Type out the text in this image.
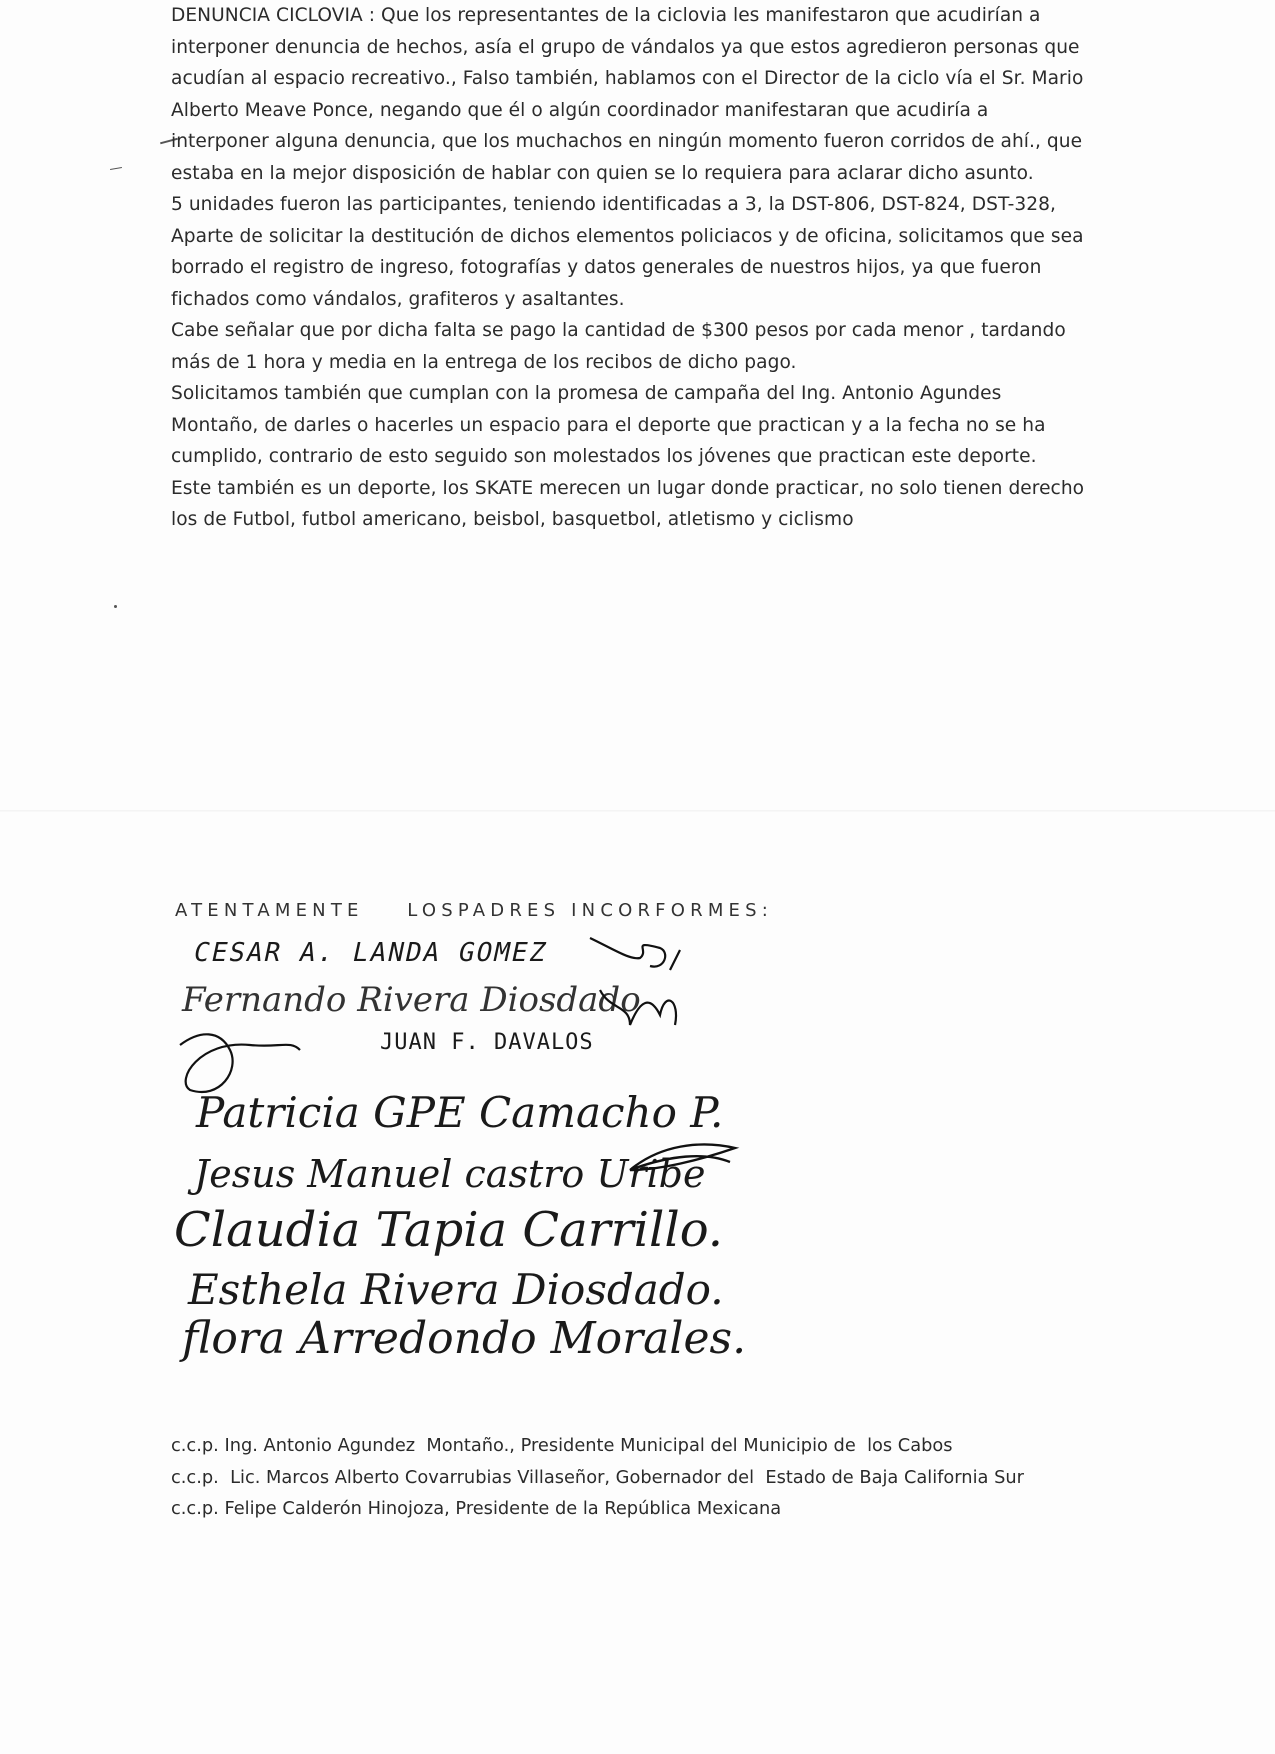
DENUNCIA CICLOVIA : Que los representantes de la ciclovia les manifestaron que acudirían a
interponer denuncia de hechos, asía el grupo de vándalos ya que estos agredieron personas que
acudían al espacio recreativo., Falso también, hablamos con el Director de la ciclo vía el Sr. Mario
Alberto Meave Ponce, negando que él o algún coordinador manifestaran que acudiría a
interponer alguna denuncia, que los muchachos en ningún momento fueron corridos de ahí., que
estaba en la mejor disposición de hablar con quien se lo requiera para aclarar dicho asunto.

5 unidades fueron las participantes, teniendo identificadas a 3, la DST-806, DST-824, DST-328,

Aparte de solicitar la destitución de dichos elementos policiacos y de oficina, solicitamos que sea
borrado el registro de ingreso, fotografías y datos generales de nuestros hijos, ya que fueron
fichados como vándalos, grafiteros y asaltantes.

Cabe señalar que por dicha falta se pago la cantidad de $300 pesos por cada menor , tardando
más de 1 hora y media en la entrega de los recibos de dicho pago.

Solicitamos también que cumplan con la promesa de campaña del Ing. Antonio Agundes
Montaño, de darles o hacerles un espacio para el deporte que practican y a la fecha no se ha
cumplido, contrario de esto seguido son molestados los jóvenes que practican este deporte.

Este también es un deporte, los SKATE merecen un lugar donde practicar, no solo tienen derecho
los de Futbol, futbol americano, beisbol, basquetbol, atletismo y ciclismo

ATENTAMENTE    LOSPADRES INCORFORMES:
CESAR A. LANDA GOMEZ
Fernando Rivera Diosdado
JUAN F. DAVALOS
Patricia GPE Camacho P.
Jesus Manuel castro Uribe
Claudia Tapia Carrillo.
Esthela Rivera Diosdado.
flora Arredondo Morales.
c.c.p. Ing. Antonio Agundez  Montaño., Presidente Municipal del Municipio de  los Cabos
c.c.p.  Lic. Marcos Alberto Covarrubias Villaseñor, Gobernador del  Estado de Baja California Sur
c.c.p. Felipe Calderón Hinojoza, Presidente de la República Mexicana
